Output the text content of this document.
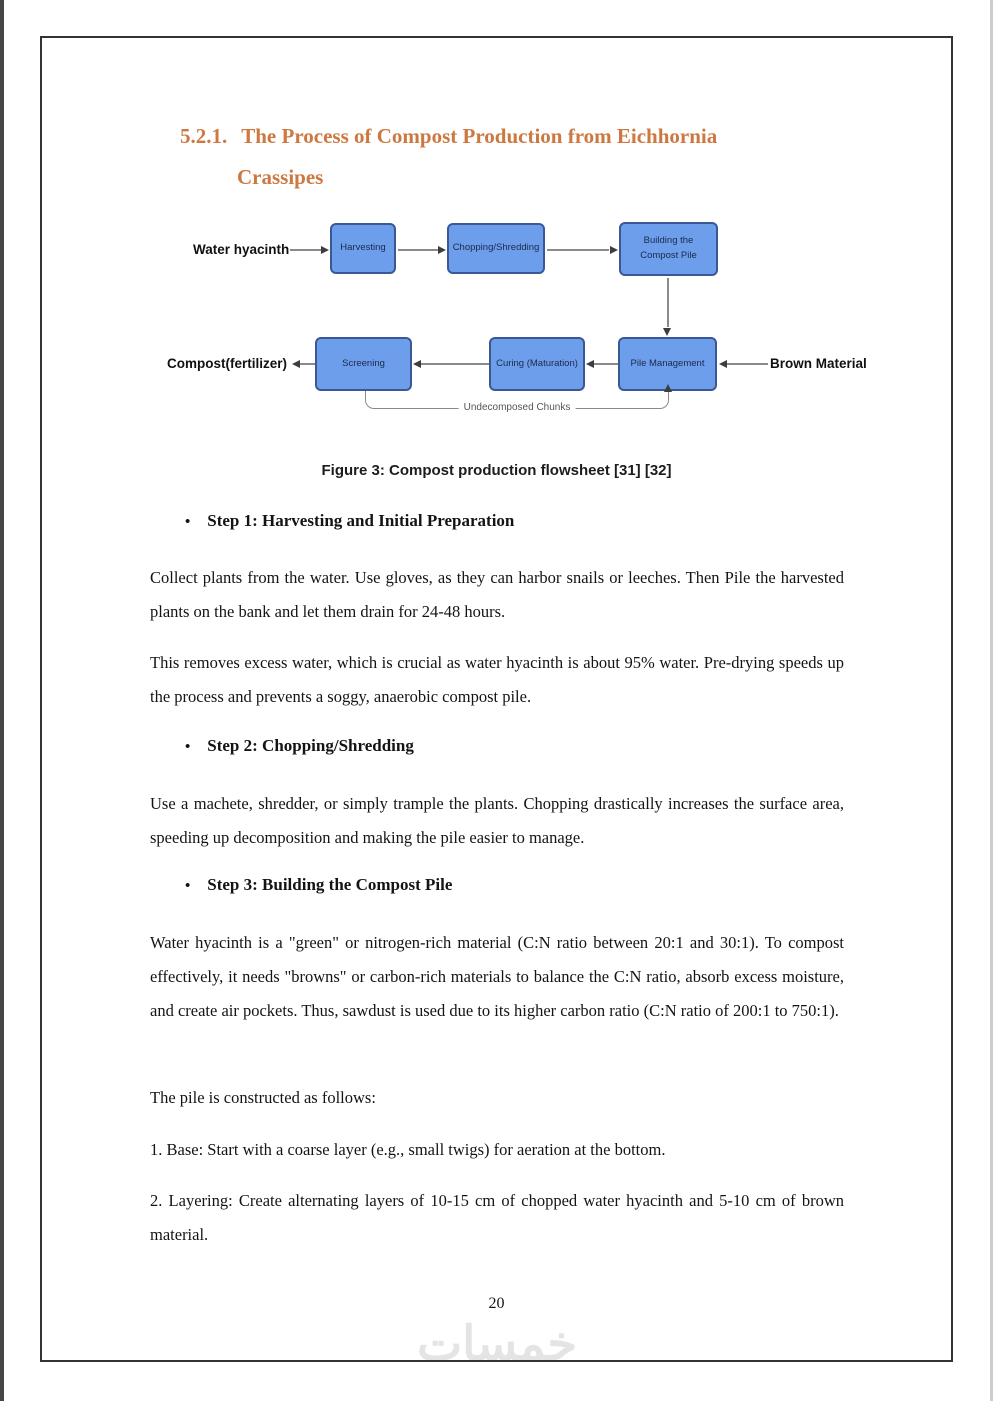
خمسات
5.2.1. The Process of Compost Production from Eichhornia
Crassipes
Water hyacinth	Harvesting	Chopping/Shredding
Building the Compost Pile
Compost(fertilizer)	Screening	Curing (Maturation)	Pile Management	Brown Material
Undecomposed Chunks
Figure 3: Compost production flowsheet [31] [32]
• Step 1: Harvesting and Initial Preparation

Collect plants from the water. Use gloves, as they can harbor snails or leeches. Then Pile the harvested plants on the bank and let them drain for 24-48 hours.

This removes excess water, which is crucial as water hyacinth is about 95% water. Pre-drying speeds up the process and prevents a soggy, anaerobic compost pile.

• Step 2: Chopping/Shredding

Use a machete, shredder, or simply trample the plants. Chopping drastically increases the surface area, speeding up decomposition and making the pile easier to manage.

• Step 3: Building the Compost Pile

Water hyacinth is a "green" or nitrogen-rich material (C:N ratio between 20:1 and 30:1). To compost effectively, it needs "browns" or carbon-rich materials to balance the C:N ratio, absorb excess moisture, and create air pockets. Thus, sawdust is used due to its higher carbon ratio (C:N ratio of 200:1 to 750:1).

The pile is constructed as follows:

1. Base: Start with a coarse layer (e.g., small twigs) for aeration at the bottom.

2. Layering: Create alternating layers of 10-15 cm of chopped water hyacinth and 5-10 cm of brown material.

20
